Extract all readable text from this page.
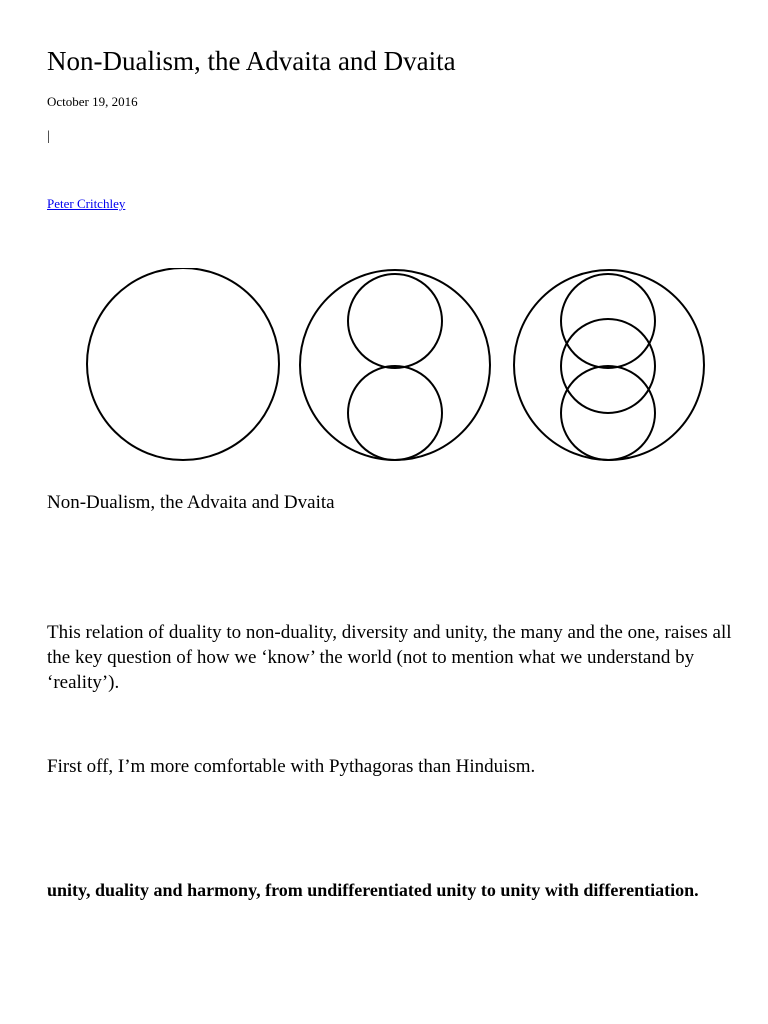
Non-Dualism, the Advaita and Dvaita
October 19, 2016
|
Peter Critchley
Non-Dualism, the Advaita and Dvaita

This relation of duality to non-duality, diversity and unity, the many and the one, raises all the key question of how we ‘know’ the world (not to mention what we understand by ‘reality’).

First off, I’m more comfortable with Pythagoras than Hinduism.

unity, duality and harmony, from undifferentiated unity to unity with differentiation.
